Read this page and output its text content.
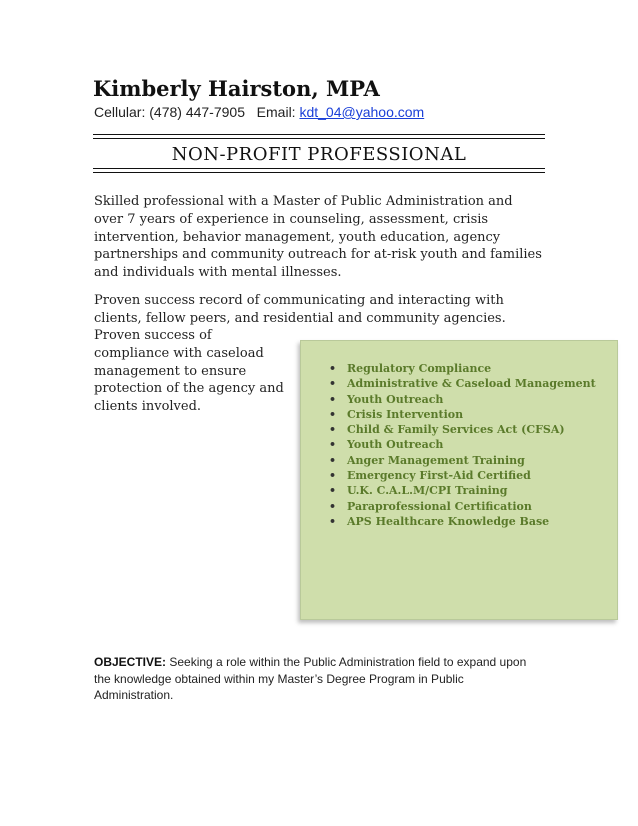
Kimberly Hairston, MPA
Cellular: (478) 447-7905 Email: kdt_04@yahoo.com
NON-PROFIT PROFESSIONAL

Skilled professional with a Master of Public Administration and over 7 years of experience in counseling, assessment, crisis intervention, behavior management, youth education, agency partnerships and community outreach for at-risk youth and families and individuals with mental illnesses.

Proven success record of communicating and interacting with clients, fellow peers, and residential and community agencies.

Proven success of compliance with caseload management to ensure protection of the agency and clients involved.

• Regulatory Compliance
• Administrative & Caseload Management
• Youth Outreach
• Crisis Intervention
• Child & Family Services Act (CFSA)
• Youth Outreach
• Anger Management Training
• Emergency First-Aid Certified
• U.K. C.A.L.M/CPI Training
• Paraprofessional Certification
• APS Healthcare Knowledge Base

OBJECTIVE: Seeking a role within the Public Administration field to expand upon the knowledge obtained within my Master’s Degree Program in Public Administration.
